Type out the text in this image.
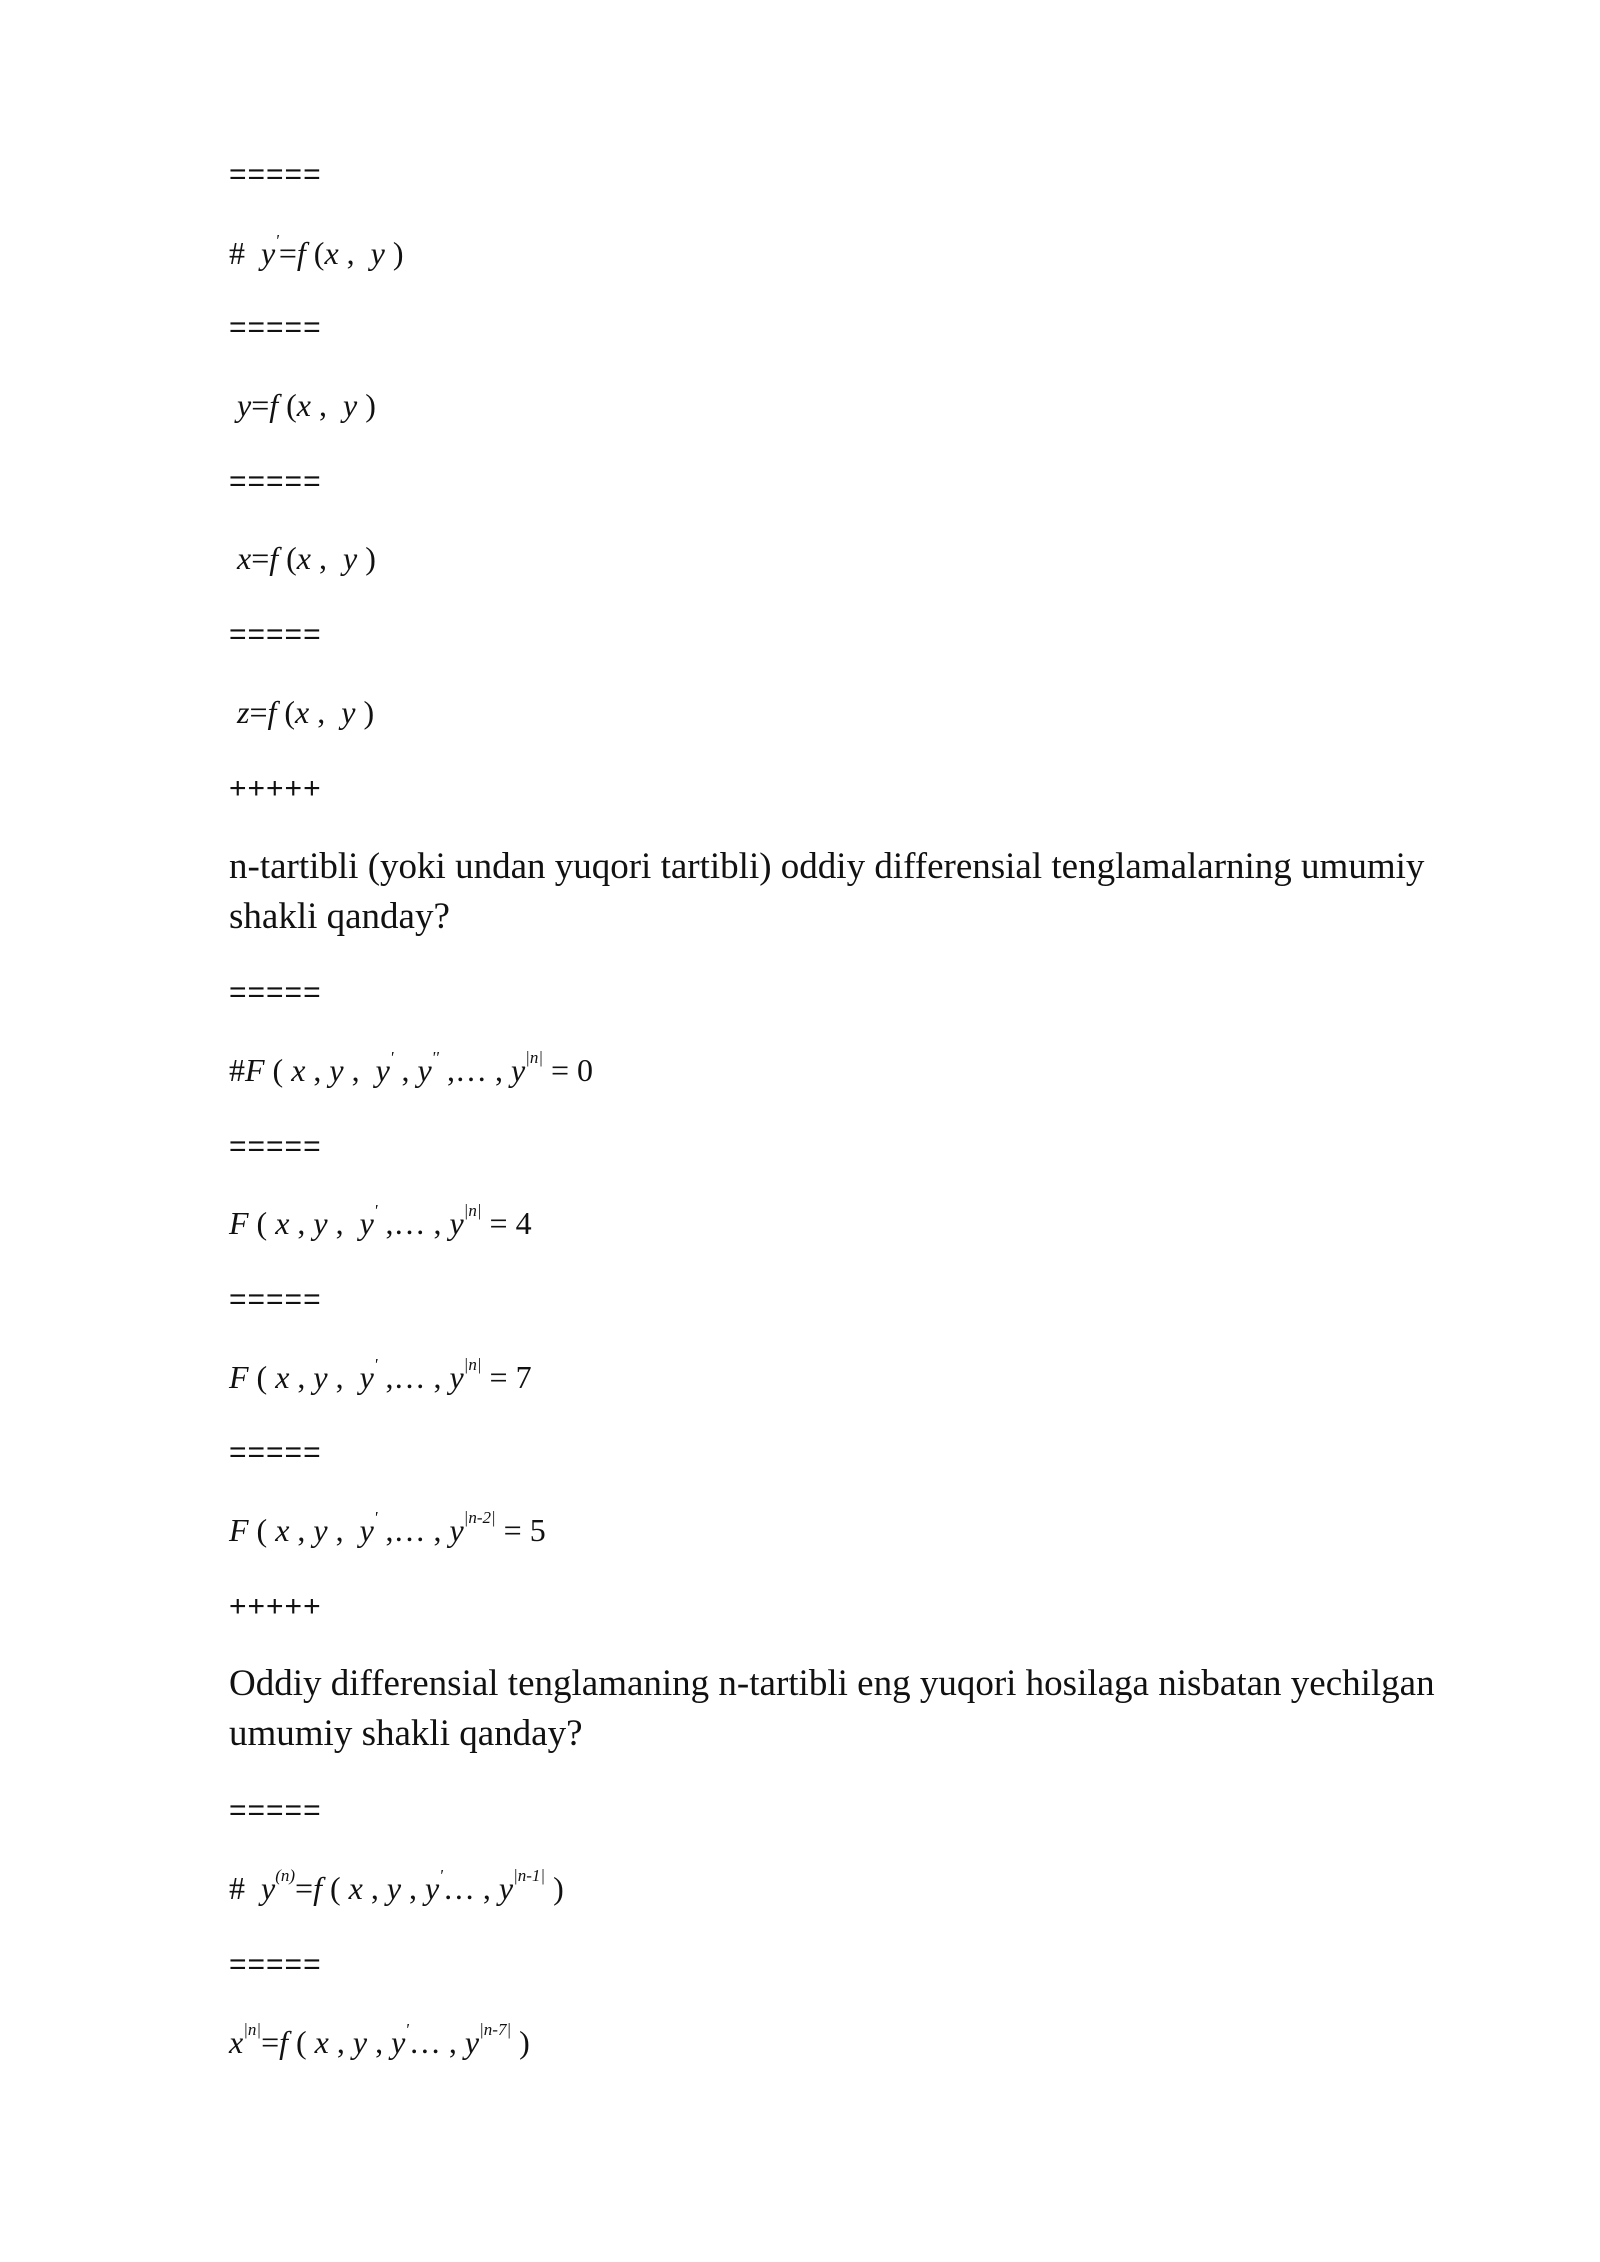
=====
#  y'=f (x ,  y )
=====
y=f (x ,  y )
=====
x=f (x ,  y )
=====
z=f (x ,  y )
+++++
n-tartibli (yoki undan yuqori tartibli) oddiy differensial tenglamalarning umumiy shakli qanday?
=====
#F ( x , y ,  y' , y'' ,… , $y^{|n|} = 0$
=====
F ( x , y ,  y' ,… , $y^{|n|} = 4$
=====
F ( x , y ,  y' ,… , $y^{|n|} = 7$
=====
F ( x , y ,  y' ,… , $y^{|n-2|} = 5$
+++++
Oddiy differensial tenglamaning n-tartibli eng yuqori hosilaga nisbatan yechilgan umumiy shakli qanday?
=====
#  $y^{(n)}=f$ ( x , y , y'… , $y^{|n-1|}$ )
=====
$x^{|n|}=f$ ( x , y , y'… , $y^{|n-7|}$ )
